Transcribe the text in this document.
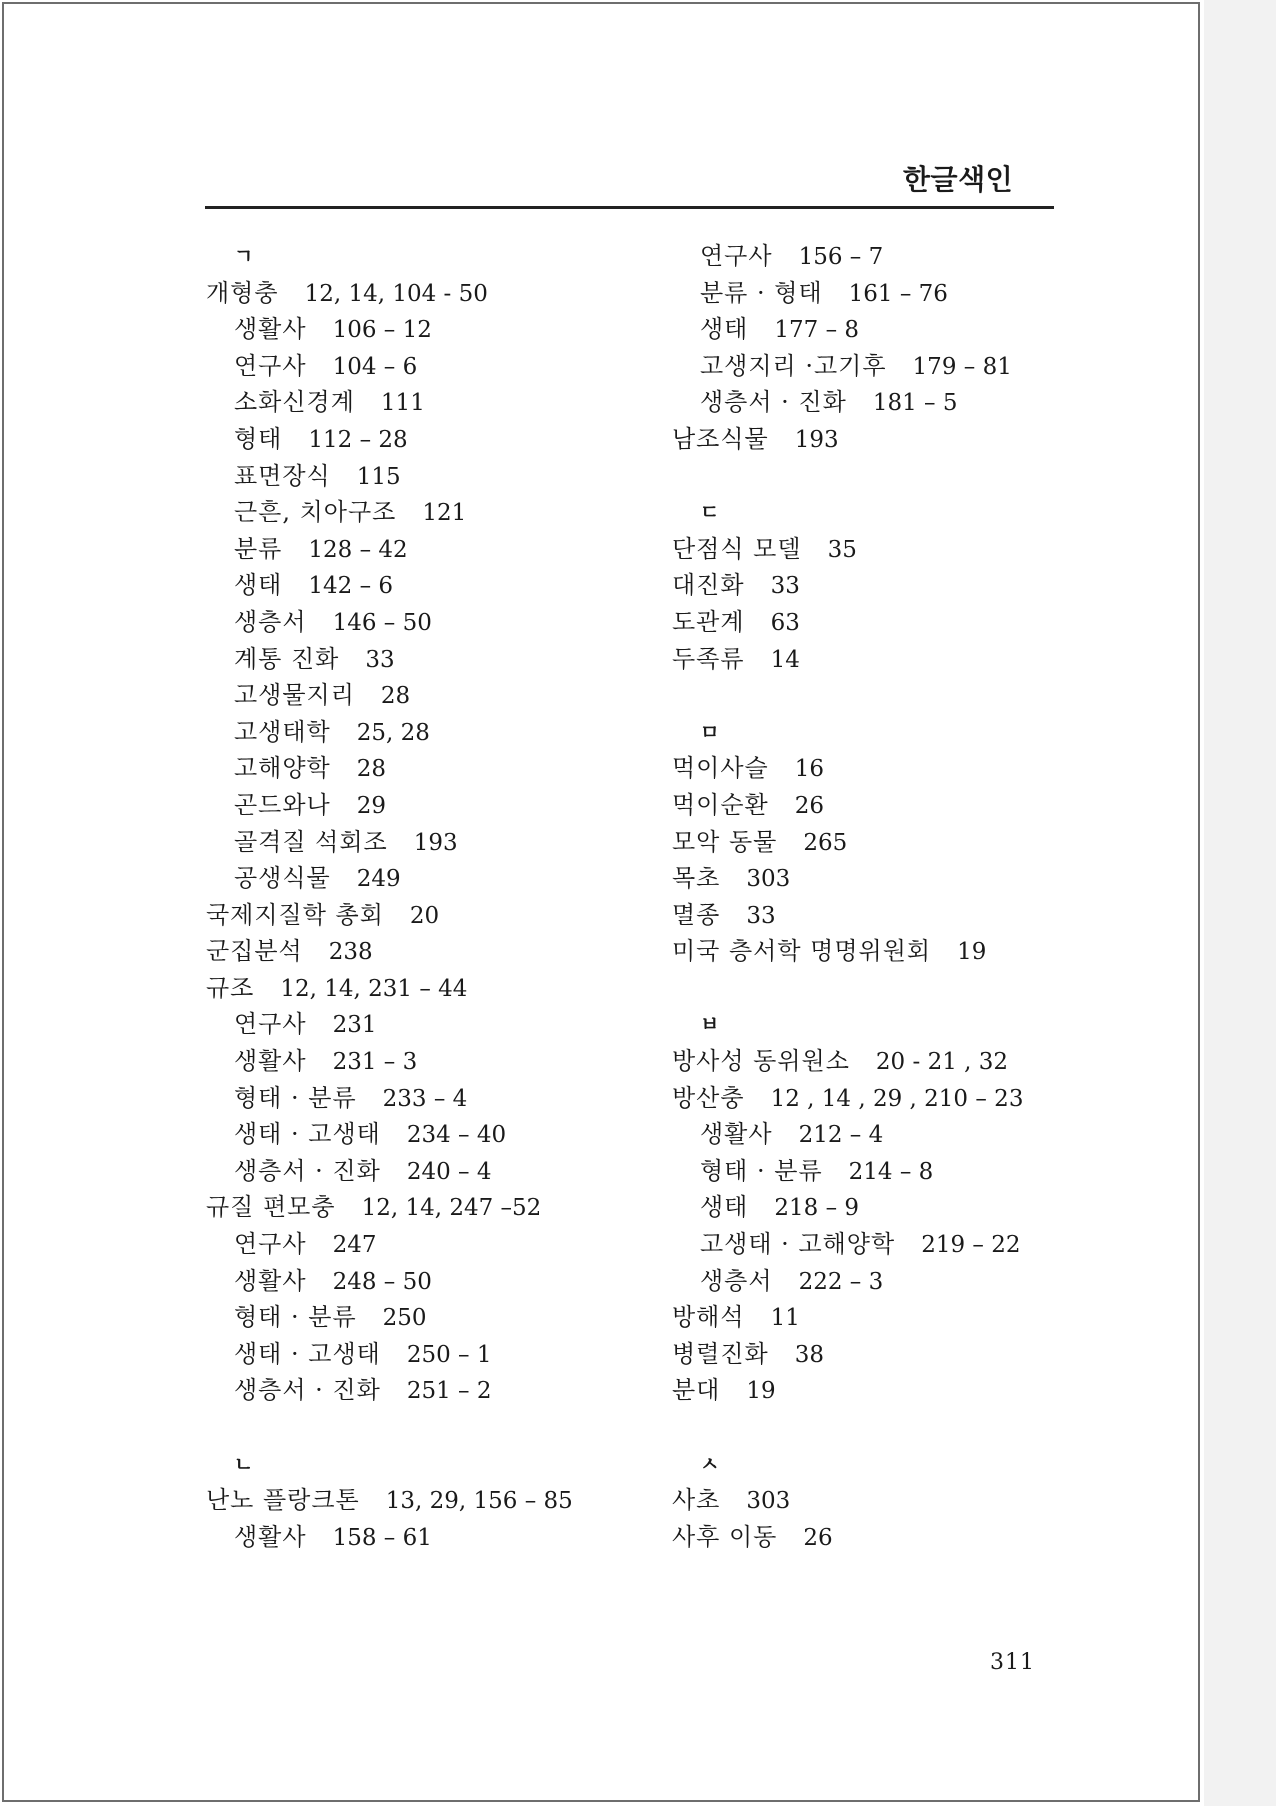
한글색인
ㄱ
개형충 12, 14, 104 - 50
생활사 106 – 12
연구사 104 – 6
소화신경계 111
형태 112 – 28
표면장식 115
근흔, 치아구조 121
분류 128 – 42
생태 142 – 6
생층서 146 – 50
계통 진화 33
고생물지리 28
고생태학 25, 28
고해양학 28
곤드와나 29
골격질 석회조 193
공생식물 249
국제지질학 총회 20
군집분석 238
규조 12, 14, 231 – 44
연구사 231
생활사 231 – 3
형태 · 분류 233 – 4
생태 · 고생태 234 – 40
생층서 · 진화 240 – 4
규질 편모충 12, 14, 247 –52
연구사 247
생활사 248 – 50
형태 · 분류 250
생태 · 고생태 250 – 1
생층서 · 진화 251 – 2
ㄴ
난노 플랑크톤 13, 29, 156 – 85
생활사 158 – 61
연구사 156 – 7
분류 · 형태 161 – 76
생태 177 – 8
고생지리 ·고기후 179 – 81
생층서 · 진화 181 – 5
남조식물 193
ㄷ
단점식 모델 35
대진화 33
도관계 63
두족류 14
ㅁ
먹이사슬 16
먹이순환 26
모악 동물 265
목초 303
멸종 33
미국 층서학 명명위원회 19
ㅂ
방사성 동위원소 20 - 21 , 32
방산충 12 , 14 , 29 , 210 – 23
생활사 212 – 4
형태 · 분류 214 – 8
생태 218 – 9
고생태 · 고해양학 219 – 22
생층서 222 – 3
방해석 11
병렬진화 38
분대 19
ㅅ
사초 303
사후 이동 26
311
